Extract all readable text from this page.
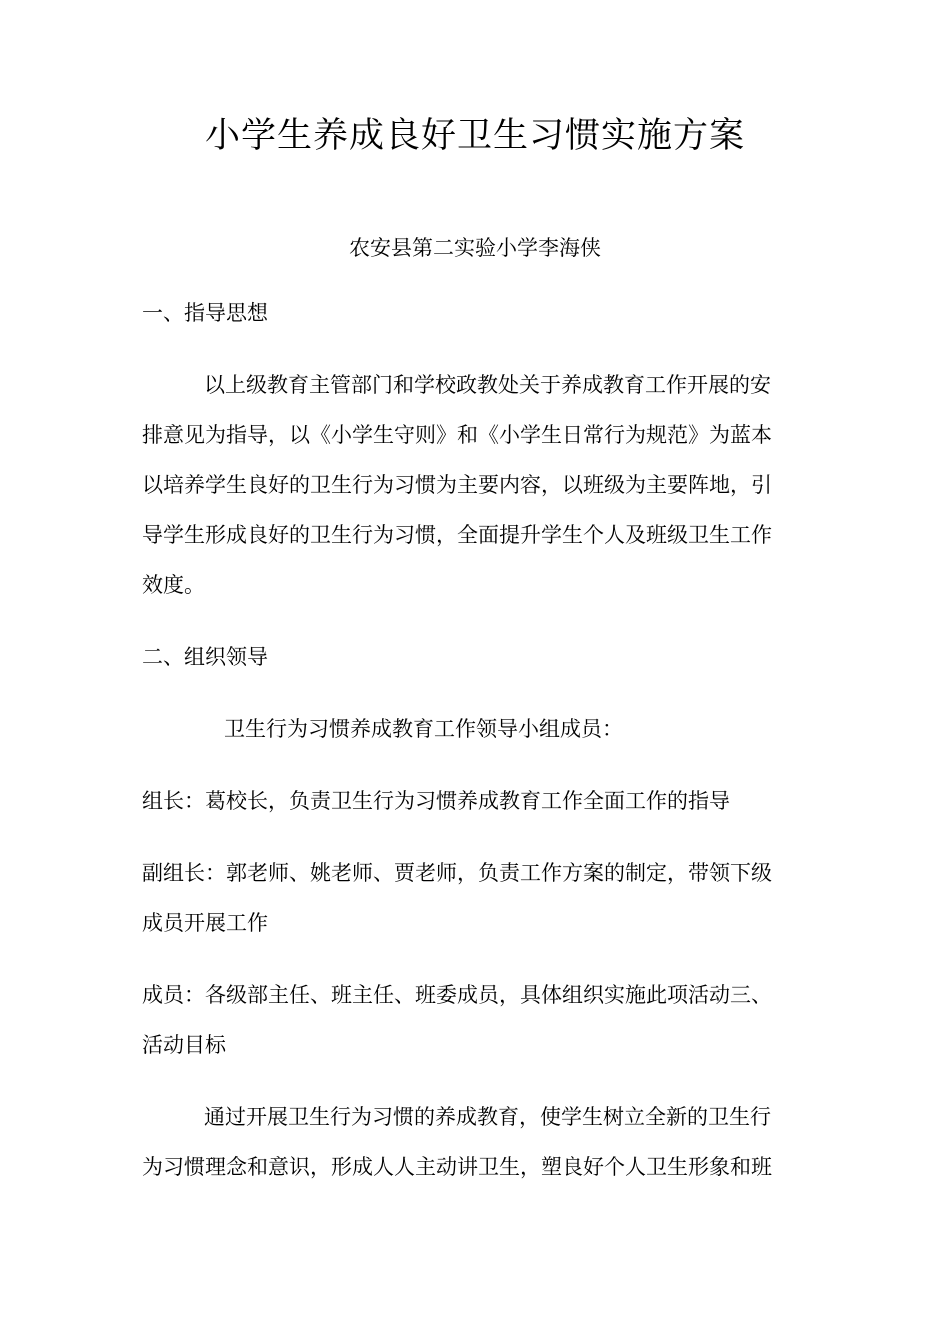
小学生养成良好卫生习惯实施方案
农安县第二实验小学李海侠
一、指导思想
以上级教育主管部门和学校政教处关于养成教育工作开展的安
排意见为指导，以《小学生守则》和《小学生日常行为规范》为蓝本
以培养学生良好的卫生行为习惯为主要内容，以班级为主要阵地，引
导学生形成良好的卫生行为习惯，全面提升学生个人及班级卫生工作
效度。
二、组织领导
卫生行为习惯养成教育工作领导小组成员：
组长：葛校长，负责卫生行为习惯养成教育工作全面工作的指导
副组长：郭老师、姚老师、贾老师，负责工作方案的制定，带领下级
成员开展工作
成员：各级部主任、班主任、班委成员，具体组织实施此项活动三、
活动目标
通过开展卫生行为习惯的养成教育，使学生树立全新的卫生行
为习惯理念和意识，形成人人主动讲卫生，塑良好个人卫生形象和班
